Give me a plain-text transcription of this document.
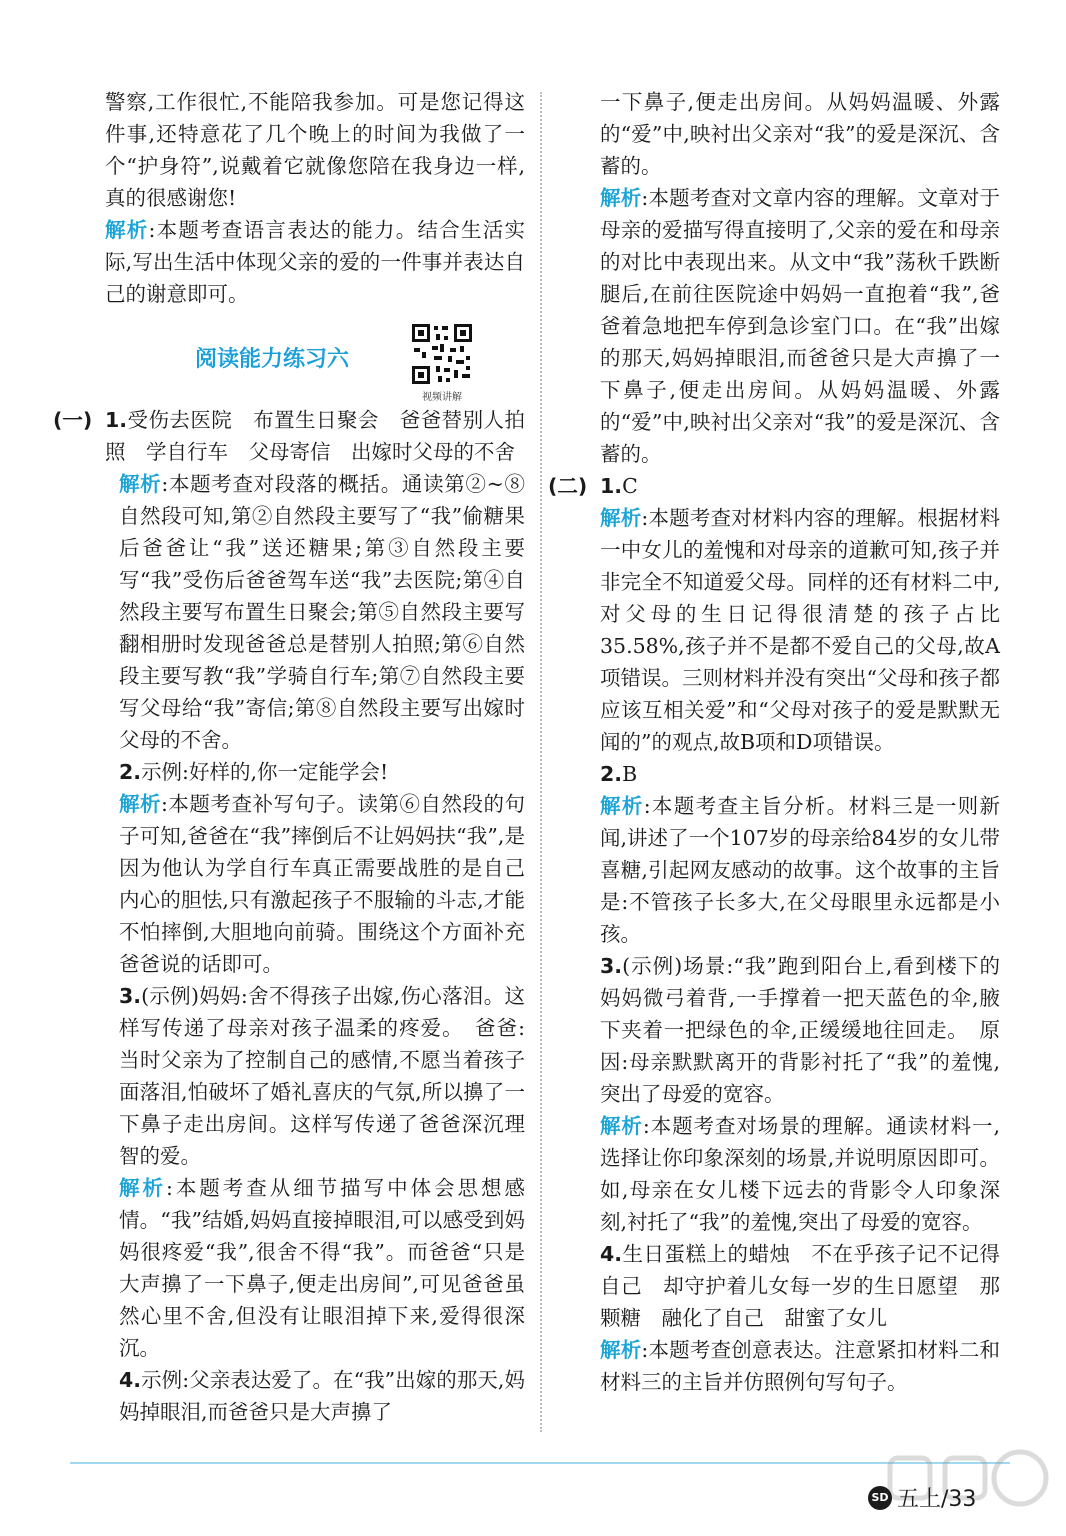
警察,工作很忙,不能陪我参加。可是您记得这件事,还特意花了几个晚上的时间为我做了一个“护身符”,说戴着它就像您陪在我身边一样,真的很感谢您!

解析:本题考查语言表达的能力。结合生活实际,写出生活中体现父亲的爱的一件事并表达自己的谢意即可。

阅读能力练习六
视频讲解
(一) 1.受伤去医院　布置生日聚会　爸爸替别人拍照　学自行车　父母寄信　出嫁时父母的不舍

解析:本题考查对段落的概括。通读第②~⑧自然段可知,第②自然段主要写了“我”偷糖果后爸爸让“我”送还糖果;第③自然段主要写“我”受伤后爸爸驾车送“我”去医院;第④自然段主要写布置生日聚会;第⑤自然段主要写翻相册时发现爸爸总是替别人拍照;第⑥自然段主要写教“我”学骑自行车;第⑦自然段主要写父母给“我”寄信;第⑧自然段主要写出嫁时父母的不舍。

2.示例:好样的,你一定能学会!

解析:本题考查补写句子。读第⑥自然段的句子可知,爸爸在“我”摔倒后不让妈妈扶“我”,是因为他认为学自行车真正需要战胜的是自己内心的胆怯,只有激起孩子不服输的斗志,才能不怕摔倒,大胆地向前骑。围绕这个方面补充爸爸说的话即可。

3.(示例)妈妈:舍不得孩子出嫁,伤心落泪。这样写传递了母亲对孩子温柔的疼爱。　爸爸:当时父亲为了控制自己的感情,不愿当着孩子面落泪,怕破坏了婚礼喜庆的气氛,所以擤了一下鼻子走出房间。这样写传递了爸爸深沉理智的爱。

解析:本题考查从细节描写中体会思想感情。“我”结婚,妈妈直接掉眼泪,可以感受到妈妈很疼爱“我”,很舍不得“我”。而爸爸“只是大声擤了一下鼻子,便走出房间”,可见爸爸虽然心里不舍,但没有让眼泪掉下来,爱得很深沉。

4.示例:父亲表达爱了。在“我”出嫁的那天,妈妈掉眼泪,而爸爸只是大声擤了

一下鼻子,便走出房间。从妈妈温暖、外露的“爱”中,映衬出父亲对“我”的爱是深沉、含蓄的。

解析:本题考查对文章内容的理解。文章对于母亲的爱描写得直接明了,父亲的爱在和母亲的对比中表现出来。从文中“我”荡秋千跌断腿后,在前往医院途中妈妈一直抱着“我”,爸爸着急地把车停到急诊室门口。在“我”出嫁的那天,妈妈掉眼泪,而爸爸只是大声擤了一下鼻子,便走出房间。从妈妈温暖、外露的“爱”中,映衬出父亲对“我”的爱是深沉、含蓄的。

(二) 1.C

解析:本题考查对材料内容的理解。根据材料一中女儿的羞愧和对母亲的道歉可知,孩子并非完全不知道爱父母。同样的还有材料二中,对父母的生日记得很清楚的孩子占比35.58%,孩子并不是都不爱自己的父母,故A项错误。三则材料并没有突出“父母和孩子都应该互相关爱”和“父母对孩子的爱是默默无闻的”的观点,故B项和D项错误。

2.B

解析:本题考查主旨分析。材料三是一则新闻,讲述了一个107岁的母亲给84岁的女儿带喜糖,引起网友感动的故事。这个故事的主旨是:不管孩子长多大,在父母眼里永远都是小孩。

3.(示例)场景:“我”跑到阳台上,看到楼下的妈妈微弓着背,一手撑着一把天蓝色的伞,腋下夹着一把绿色的伞,正缓缓地往回走。　原因:母亲默默离开的背影衬托了“我”的羞愧,突出了母爱的宽容。

解析:本题考查对场景的理解。通读材料一,选择让你印象深刻的场景,并说明原因即可。如,母亲在女儿楼下远去的背影令人印象深刻,衬托了“我”的羞愧,突出了母爱的宽容。

4.生日蛋糕上的蜡烛　不在乎孩子记不记得自己　却守护着儿女每一岁的生日愿望　那颗糖　融化了自己　甜蜜了女儿

解析:本题考查创意表达。注意紧扣材料二和材料三的主旨并仿照例句写句子。

SD 五上/33
